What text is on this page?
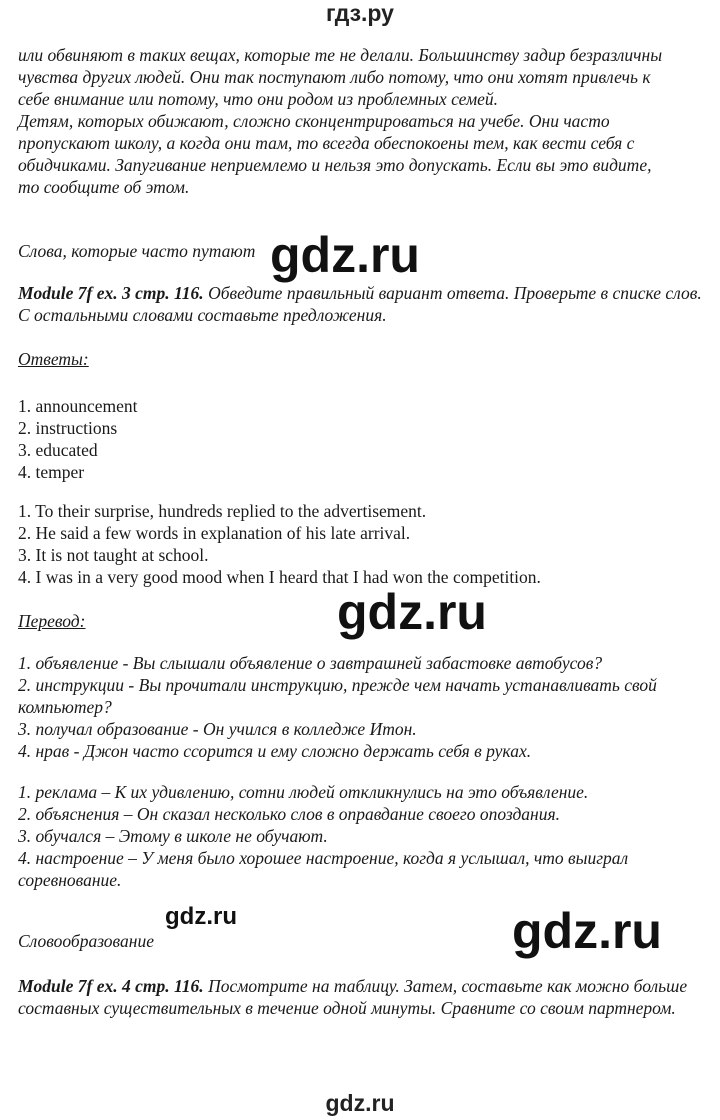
гдз.ру
или обвиняют в таких вещах, которые те не делали. Большинству задир безразличны
чувства других людей. Они так поступают либо потому, что они хотят привлечь к
себе внимание или потому, что они родом из проблемных семей.
Детям, которых обижают, сложно сконцентрироваться на учебе. Они часто
пропускают школу, а когда они там, то всегда обеспокоены тем, как вести себя с
обидчиками. Запугивание неприемлемо и нельзя это допускать. Если вы это видите,
то сообщите об этом.
Слова, которые часто путают gdz.ru
Module 7f ex. 3 стр. 116. Обведите правильный вариант ответа. Проверьте в списке слов. С остальными словами составьте предложения.
Ответы:
1. announcement
2. instructions
3. educated
4. temper
1. To their surprise, hundreds replied to the advertisement.
2. He said a few words in explanation of his late arrival.
3. It is not taught at school.
4. I was in a very good mood when I heard that I had won the competition.
gdz.ru
Перевод:
1. объявление - Вы слышали объявление о завтрашней забастовке автобусов?
2. инструкции - Вы прочитали инструкцию, прежде чем начать устанавливать свой компьютер?
3. получал образование - Он учился в колледже Итон.
4. нрав - Джон часто ссорится и ему сложно держать себя в руках.
1. реклама – К их удивлению, сотни людей откликнулись на это объявление.
2. объяснения – Он сказал несколько слов в оправдание своего опоздания.
3. обучался – Этому в школе не обучают.
4. настроение – У меня было хорошее настроение, когда я услышал, что выиграл соревнование.
gdz.ru	gdz.ru
Словообразование
Module 7f ex. 4 стр. 116. Посмотрите на таблицу. Затем, составьте как можно больше составных существительных в течение одной минуты. Сравните со своим партнером.
gdz.ru
